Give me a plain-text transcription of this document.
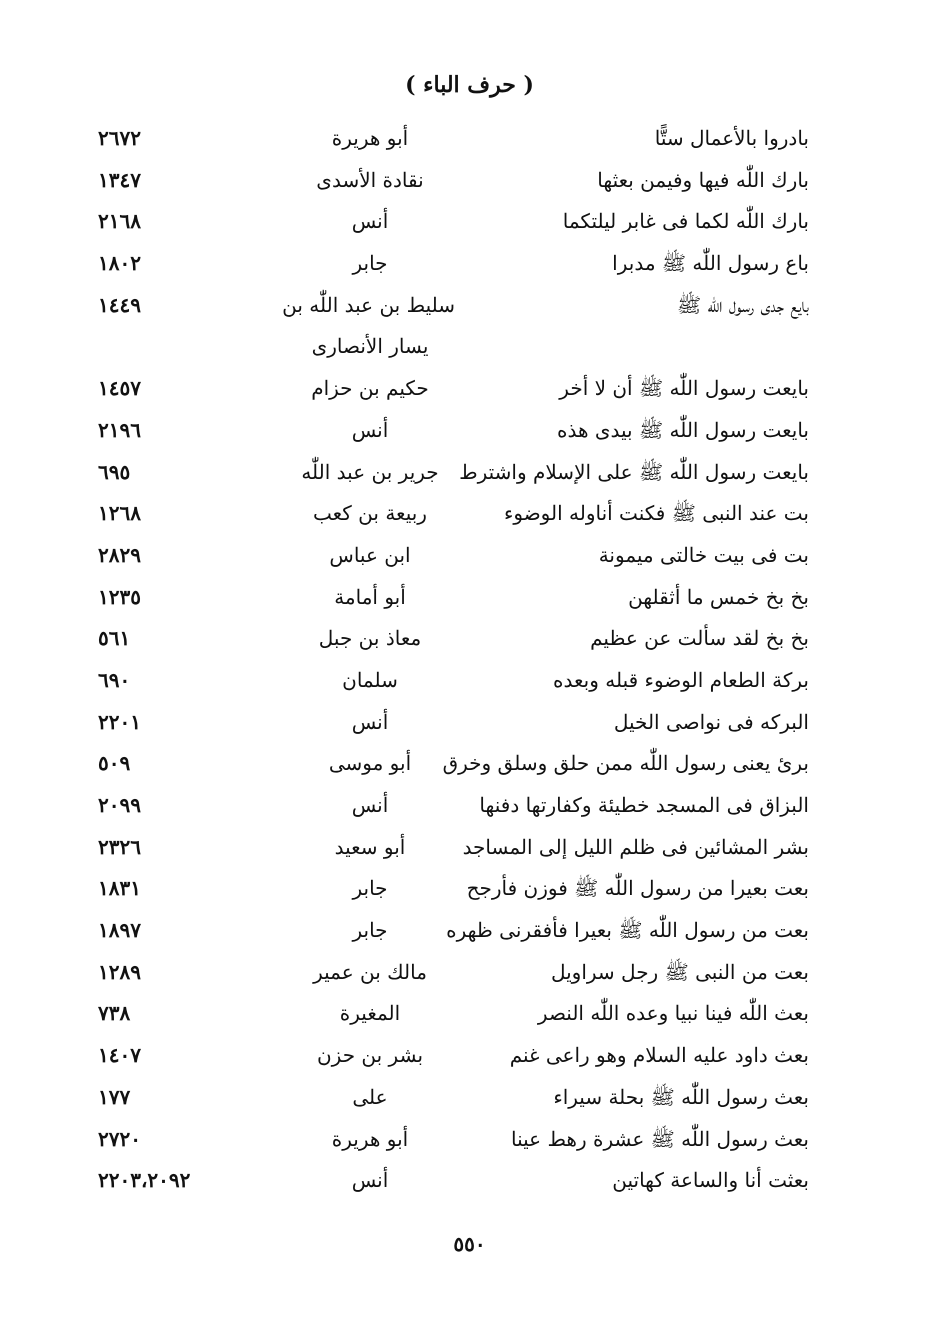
( حرف الباء )
بادروا بالأعمال ستًّا
أبو هريرة
٢٦٧٢
بارك اللّٰه فيها وفيمن بعثها
نقادة الأسدى
١٣٤٧
بارك اللّٰه لكما فى غابر ليلتكما
أنس
٢١٦٨
باع رسول اللّٰه ﷺ مدبرا
جابر
١٨٠٢
بايع جدى رسول اللّٰه ﷺ
سليط بن عبد اللّٰه بن
١٤٤٩
يسار الأنصارى
بايعت رسول اللّٰه ﷺ أن لا أخر
حكيم بن حزام
١٤٥٧
بايعت رسول اللّٰه ﷺ بيدى هذه
أنس
٢١٩٦
بايعت رسول اللّٰه ﷺ على الإسلام واشترط
جرير بن عبد اللّٰه
٦٩٥
بت عند النبى ﷺ فكنت أناوله الوضوء
ربيعة بن كعب
١٢٦٨
بت فى بيت خالتى ميمونة
ابن عباس
٢٨٢٩
بخ بخ خمس ما أثقلهن
أبو أمامة
١٢٣٥
بخ بخ لقد سألت عن عظيم
معاذ بن جبل
٥٦١
بركة الطعام الوضوء قبله وبعده
سلمان
٦٩٠
البركه فى نواصى الخيل
أنس
٢٢٠١
برئ يعنى رسول اللّٰه ممن حلق وسلق وخرق
أبو موسى
٥٠٩
البزاق فى المسجد خطيئة وكفارتها دفنها
أنس
٢٠٩٩
بشر المشائين فى ظلم الليل إلى المساجد
أبو سعيد
٢٣٢٦
بعت بعيرا من رسول اللّٰه ﷺ فوزن فأرجح
جابر
١٨٣١
بعت من رسول اللّٰه ﷺ بعيرا فأفقرنى ظهره
جابر
١٨٩٧
بعت من النبى ﷺ رجل سراويل
مالك بن عمير
١٢٨٩
بعث اللّٰه فينا نبيا وعده اللّٰه النصر
المغيرة
٧٣٨
بعث داود عليه السلام وهو راعى غنم
بشر بن حزن
١٤٠٧
بعث رسول اللّٰه ﷺ بحلة سيراء
على
١٧٧
بعث رسول اللّٰه ﷺ عشرة رهط عينا
أبو هريرة
٢٧٢٠
بعثت أنا والساعة كهاتين
أنس
٢٢٠٣،٢٠٩٢
٥٥٠
